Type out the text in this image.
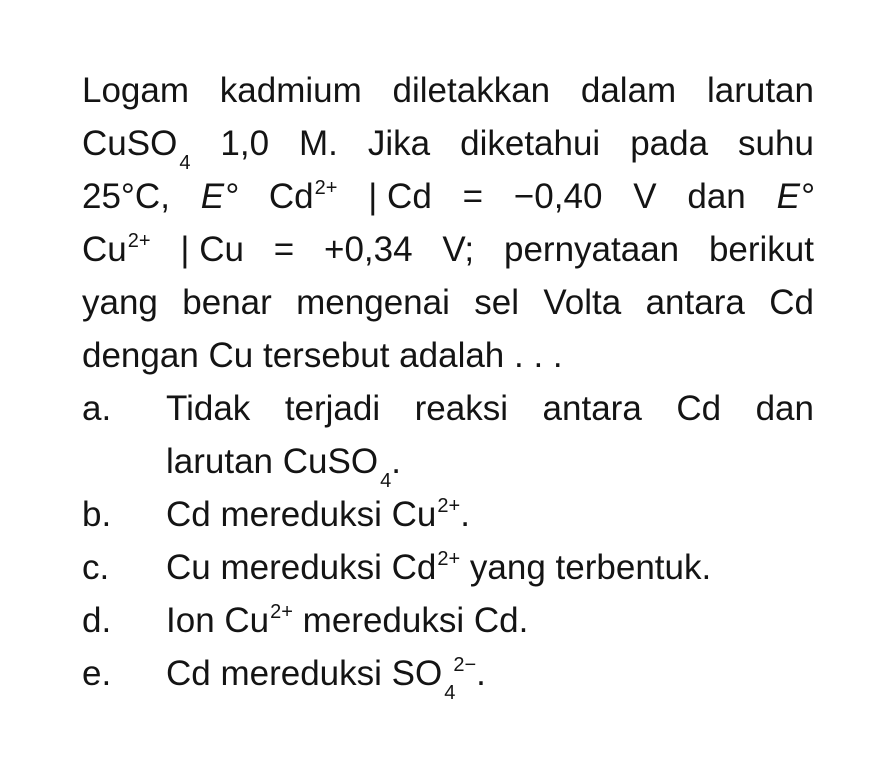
Logam kadmium diletakkan dalam larutan
CuSO $_4$ 1,0 M. Jika diketahui pada suhu
25°C, E° $Cd^{2+}$ | Cd = −0,40 V dan E°
$Cu^{2+}$ | Cu = +0,34 V; pernyataan berikut
yang benar mengenai sel Volta antara Cd
dengan Cu tersebut adalah . . .
a.	Tidak terjadi reaksi antara Cd dan
larutan CuSO $_4$.
b.	Cd mereduksi $Cu^{2+}$.
c.	Cu mereduksi $Cd^{2+}$ yang terbentuk.
d.	Ion $Cu^{2+}$ mereduksi Cd.
e.	Cd mereduksi SO $_4^{2-}$.
